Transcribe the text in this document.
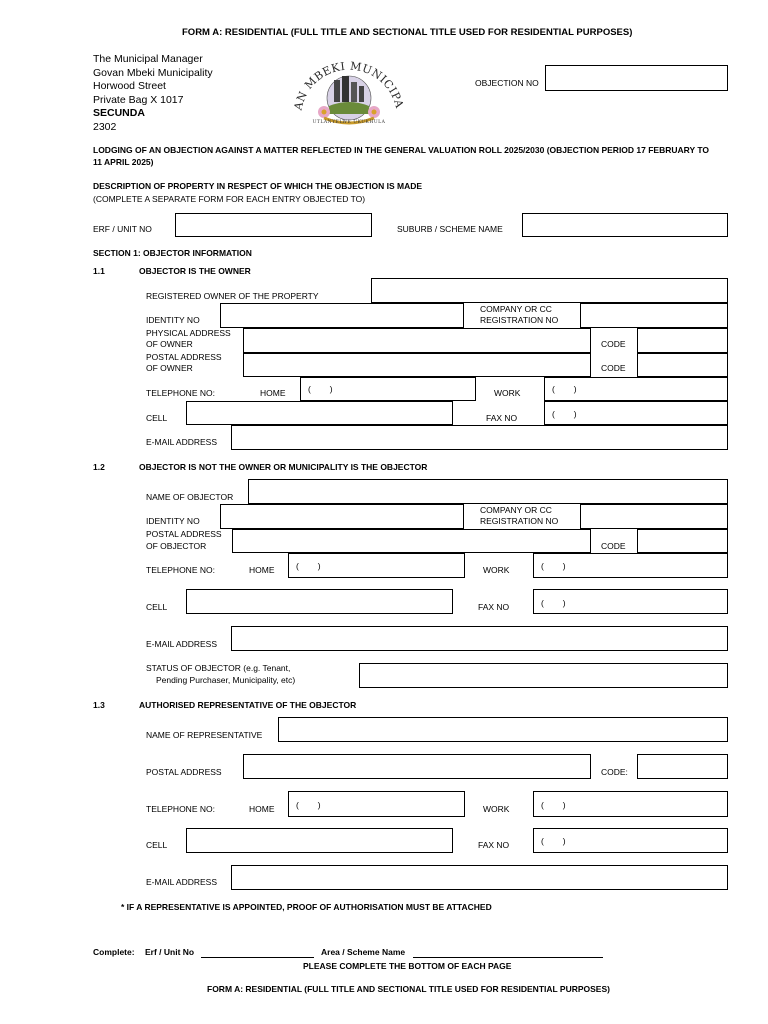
FORM A: RESIDENTIAL (FULL TITLE AND SECTIONAL TITLE USED FOR RESIDENTIAL PURPOSES)
The Municipal Manager
Govan Mbeki Municipality
Horwood Street
Private Bag X 1017
SECUNDA
2302
AN MBEKI MUNICIPA
UTLANYELWE UKUKHULA
OBJECTION NO
LODGING OF AN OBJECTION AGAINST A MATTER REFLECTED IN THE GENERAL VALUATION ROLL 2025/2030 (OBJECTION PERIOD 17 FEBRUARY TO
11 APRIL 2025)
DESCRIPTION OF PROPERTY IN RESPECT OF WHICH THE OBJECTION IS MADE
(COMPLETE A SEPARATE FORM FOR EACH ENTRY OBJECTED TO)
ERF / UNIT NO	SUBURB / SCHEME NAME
SECTION 1: OBJECTOR INFORMATION
1.1	OBJECTOR IS THE OWNER
REGISTERED OWNER OF THE PROPERTY
IDENTITY NO
COMPANY OR CC
REGISTRATION NO
PHYSICAL ADDRESS
OF OWNER	CODE
POSTAL ADDRESS
OF OWNER	CODE
TELEPHONE NO:	HOME	(        )	WORK	(        )
CELL	FAX NO	(        )
E-MAIL ADDRESS
1.2	OBJECTOR IS NOT THE OWNER OR MUNICIPALITY IS THE OBJECTOR
NAME OF OBJECTOR
IDENTITY NO
COMPANY OR CC
REGISTRATION NO
POSTAL ADDRESS
OF OBJECTOR	CODE
TELEPHONE NO:	HOME	(        )	WORK	(        )
CELL	FAX NO	(        )
E-MAIL ADDRESS
STATUS OF OBJECTOR (e.g. Tenant,
Pending Purchaser, Municipality, etc)
1.3	AUTHORISED REPRESENTATIVE OF THE OBJECTOR
NAME OF REPRESENTATIVE
POSTAL ADDRESS	CODE:
TELEPHONE NO:	HOME	(        )	WORK	(        )
CELL	FAX NO	(        )
E-MAIL ADDRESS
* IF A REPRESENTATIVE IS APPOINTED, PROOF OF AUTHORISATION MUST BE ATTACHED
Complete: Erf / Unit No	Area / Scheme Name
PLEASE COMPLETE THE BOTTOM OF EACH PAGE
FORM A: RESIDENTIAL (FULL TITLE AND SECTIONAL TITLE USED FOR RESIDENTIAL PURPOSES)
